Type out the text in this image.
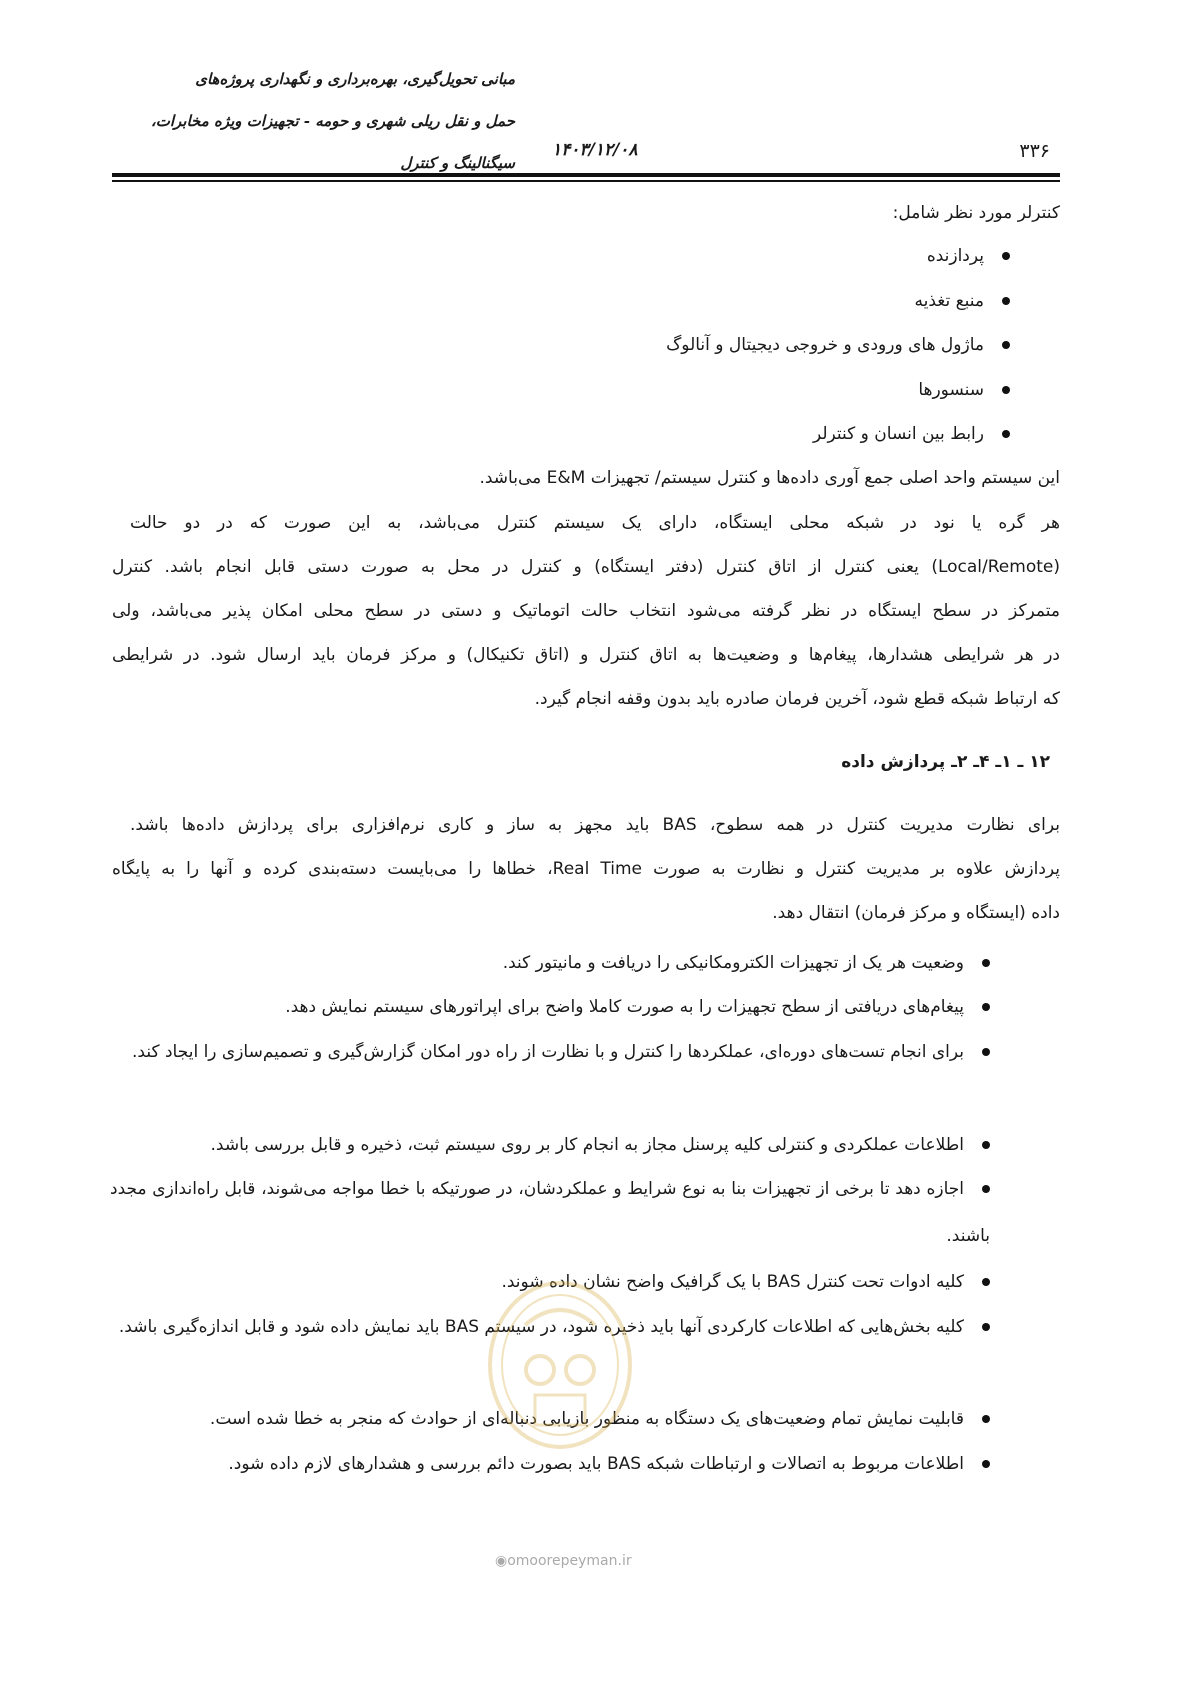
مبانی تحویل‌گیری، بهره‌برداری و نگهداری پروژه‌های
حمل و نقل ریلی شهری و حومه - تجهیزات ویژه مخابرات،
سیگنالینگ و کنترل
۱۴۰۳/۱۲/۰۸	۳۳۶
کنترلر مورد نظر شامل:
پردازنده
منبع تغذیه
ماژول های ورودی و خروجی دیجیتال و آنالوگ
سنسورها
رابط بین انسان و کنترلر
این سیستم واحد اصلی جمع آوری داده‌ها و کنترل سیستم/ تجهیزات E&M می‌باشد.
هر گره یا نود در شبکه محلی ایستگاه، دارای یک سیستم کنترل می‌باشد، به این صورت که در دو حالت
(Local/Remote) یعنی کنترل از اتاق کنترل (دفتر ایستگاه) و کنترل در محل به صورت دستی قابل انجام باشد. کنترل
متمرکز در سطح ایستگاه در نظر گرفته می‌شود انتخاب حالت اتوماتیک و دستی در سطح محلی امکان پذیر می‌باشد، ولی
در هر شرایطی هشدارها، پیغام‌ها و وضعیت‌ها به اتاق کنترل و (اتاق تکنیکال) و مرکز فرمان باید ارسال شود. در شرایطی
که ارتباط شبکه قطع شود، آخرین فرمان صادره باید بدون وقفه انجام گیرد.
۱۲ ـ ۱ـ ۴ـ ۲ـ پردازش داده
برای نظارت مدیریت کنترل در همه سطوح، BAS باید مجهز به ساز و کاری نرم‌افزاری برای پردازش داده‌ها باشد.
پردازش علاوه بر مدیریت کنترل و نظارت به صورت Real Time، خطاها را می‌بایست دسته‌بندی کرده و آنها را به پایگاه
داده (ایستگاه و مرکز فرمان) انتقال دهد.
وضعیت هر یک از تجهیزات الکترومکانیکی را دریافت و مانیتور کند.
پیغام‌های دریافتی از سطح تجهیزات را به صورت کاملا واضح برای اپراتورهای سیستم نمایش دهد.
برای انجام تست‌های دوره‌ای، عملکردها را کنترل و با نظارت از راه دور امکان گزارش‌گیری و تصمیم‌سازی را ایجاد کند.
اطلاعات عملکردی و کنترلی کلیه پرسنل مجاز به انجام کار بر روی سیستم ثبت، ذخیره و قابل بررسی باشد.
اجازه دهد تا برخی از تجهیزات بنا به نوع شرایط و عملکردشان، در صورتیکه با خطا مواجه می‌شوند، قابل راه‌اندازی مجدد باشند.
کلیه ادوات تحت کنترل BAS با یک گرافیک واضح نشان داده شوند.
کلیه بخش‌هایی که اطلاعات کارکردی آنها باید ذخیره شود، در سیستم BAS باید نمایش داده شود و قابل اندازه‌گیری باشد.
قابلیت نمایش تمام وضعیت‌های یک دستگاه به منظور بازیابی دنباله‌ای از حوادث که منجر به خطا شده است.
اطلاعات مربوط به اتصالات و ارتباطات شبکه BAS باید بصورت دائم بررسی و هشدارهای لازم داده شود.
◉omoorepeyman.ir
